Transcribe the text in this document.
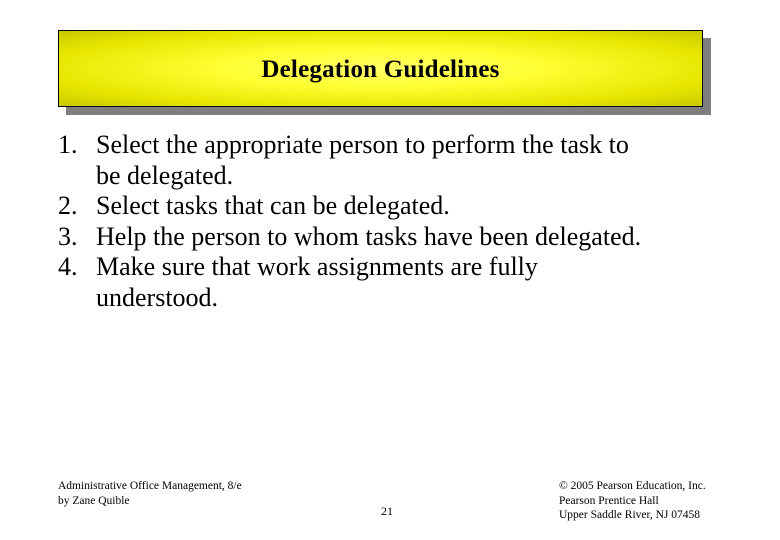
Delegation Guidelines
1. Select the appropriate person to perform the task to be delegated.
2. Select tasks that can be delegated.
3. Help the person to whom tasks have been delegated.
4. Make sure that work assignments are fully understood.
Administrative Office Management, 8/e
by Zane Quible
21
© 2005 Pearson Education, Inc.
Pearson Prentice Hall
Upper Saddle River, NJ 07458
